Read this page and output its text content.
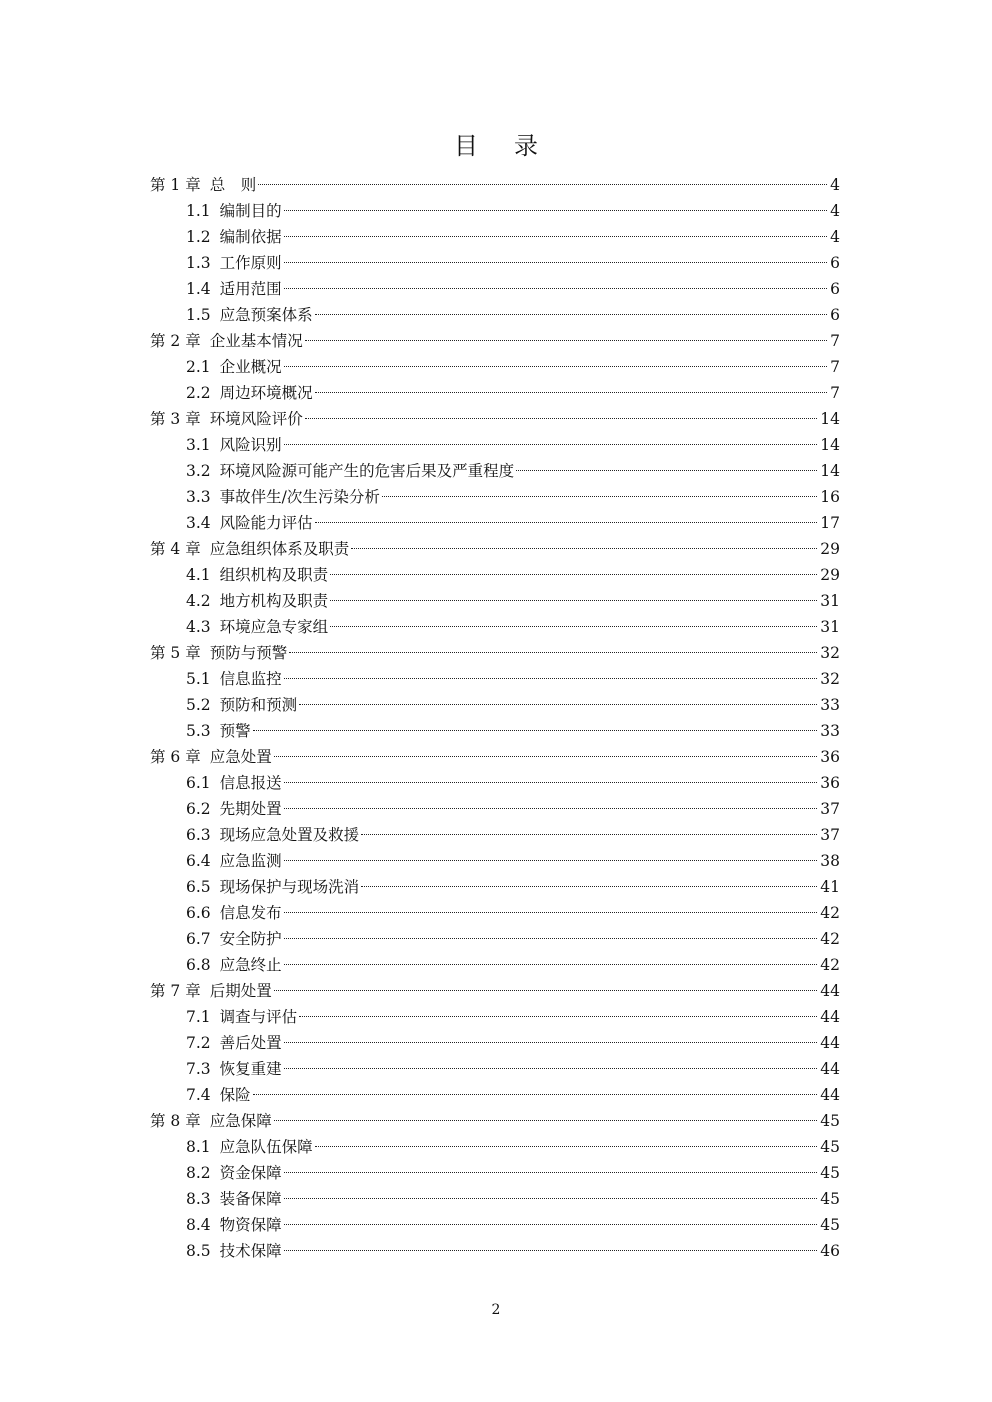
目 录
第 1 章 总　则	4
1.1 编制目的	4
1.2 编制依据	4
1.3 工作原则	6
1.4 适用范围	6
1.5 应急预案体系	6
第 2 章 企业基本情况	7
2.1 企业概况	7
2.2 周边环境概况	7
第 3 章 环境风险评价	14
3.1 风险识别	14
3.2 环境风险源可能产生的危害后果及严重程度	14
3.3 事故伴生/次生污染分析	16
3.4 风险能力评估	17
第 4 章 应急组织体系及职责	29
4.1 组织机构及职责	29
4.2 地方机构及职责	31
4.3 环境应急专家组	31
第 5 章 预防与预警	32
5.1 信息监控	32
5.2 预防和预测	33
5.3 预警	33
第 6 章 应急处置	36
6.1 信息报送	36
6.2 先期处置	37
6.3 现场应急处置及救援	37
6.4 应急监测	38
6.5 现场保护与现场洗消	41
6.6 信息发布	42
6.7 安全防护	42
6.8 应急终止	42
第 7 章 后期处置	44
7.1 调查与评估	44
7.2 善后处置	44
7.3 恢复重建	44
7.4 保险	44
第 8 章 应急保障	45
8.1 应急队伍保障	45
8.2 资金保障	45
8.3 装备保障	45
8.4 物资保障	45
8.5 技术保障	46
2
